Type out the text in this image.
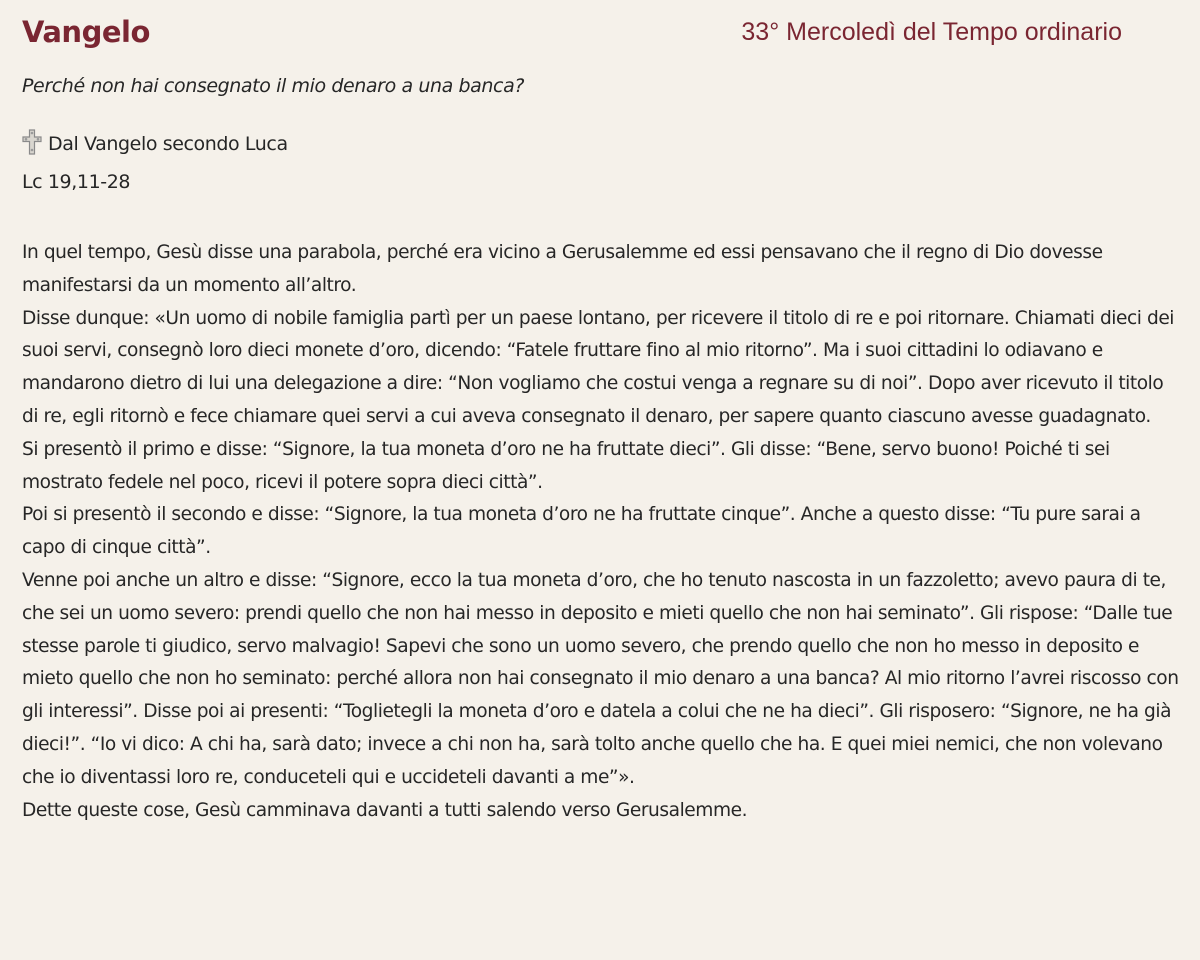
Vangelo	33° Mercoledì del Tempo ordinario
Perché non hai consegnato il mio denaro a una banca?
Dal Vangelo secondo Luca
Lc 19,11-28

In quel tempo, Gesù disse una parabola, perché era vicino a Gerusalemme ed essi pensavano che il regno di Dio dovesse manifestarsi da un momento all’altro.

Disse dunque: «Un uomo di nobile famiglia partì per un paese lontano, per ricevere il titolo di re e poi ritornare. Chiamati dieci dei suoi servi, consegnò loro dieci monete d’oro, dicendo: “Fatele fruttare fino al mio ritorno”. Ma i suoi cittadini lo odiavano e mandarono dietro di lui una delegazione a dire: “Non vogliamo che costui venga a regnare su di noi”. Dopo aver ricevuto il titolo di re, egli ritornò e fece chiamare quei servi a cui aveva consegnato il denaro, per sapere quanto ciascuno avesse guadagnato.

Si presentò il primo e disse: “Signore, la tua moneta d’oro ne ha fruttate dieci”. Gli disse: “Bene, servo buono! Poiché ti sei mostrato fedele nel poco, ricevi il potere sopra dieci città”.

Poi si presentò il secondo e disse: “Signore, la tua moneta d’oro ne ha fruttate cinque”. Anche a questo disse: “Tu pure sarai a capo di cinque città”.

Venne poi anche un altro e disse: “Signore, ecco la tua moneta d’oro, che ho tenuto nascosta in un fazzoletto; avevo paura di te, che sei un uomo severo: prendi quello che non hai messo in deposito e mieti quello che non hai seminato”. Gli rispose: “Dalle tue stesse parole ti giudico, servo malvagio! Sapevi che sono un uomo severo, che prendo quello che non ho messo in deposito e mieto quello che non ho seminato: perché allora non hai consegnato il mio denaro a una banca? Al mio ritorno l’avrei riscosso con gli interessi”. Disse poi ai presenti: “Toglietegli la moneta d’oro e datela a colui che ne ha dieci”. Gli risposero: “Signore, ne ha già dieci!”. “Io vi dico: A chi ha, sarà dato; invece a chi non ha, sarà tolto anche quello che ha. E quei miei nemici, che non volevano che io diventassi loro re, conduceteli qui e uccideteli davanti a me”».

Dette queste cose, Gesù camminava davanti a tutti salendo verso Gerusalemme.
